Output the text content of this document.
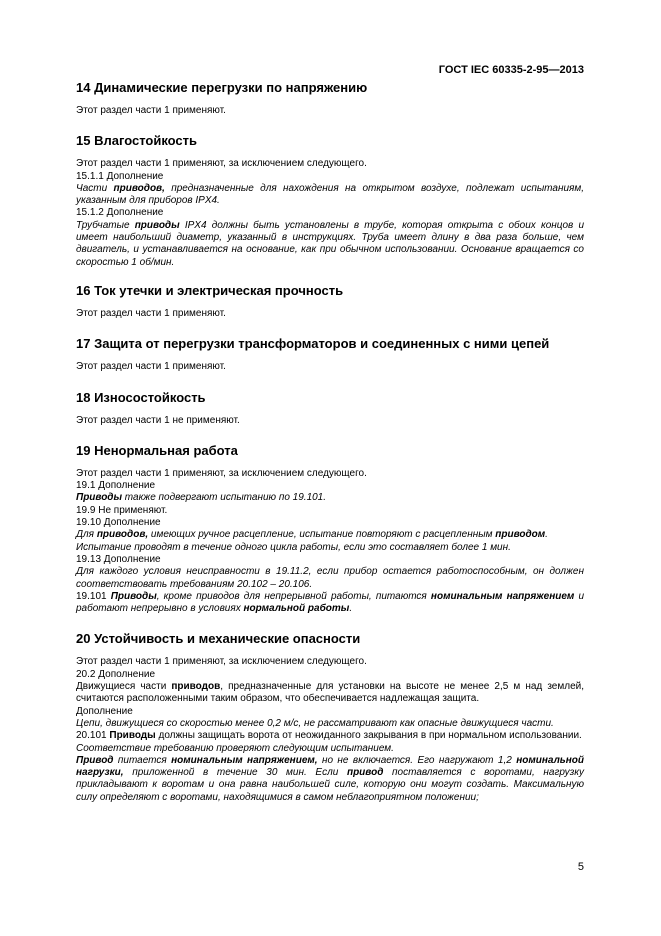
ГОСТ IEC 60335-2-95—2013
14 Динамические перегрузки по напряжению

Этот раздел части 1 применяют.

15 Влагостойкость

Этот раздел части 1 применяют, за исключением следующего.

15.1.1 Дополнение

Части приводов, предназначенные для нахождения на открытом воздухе, подлежат испытаниям, указанным для приборов IPX4.

15.1.2 Дополнение

Трубчатые приводы IPX4 должны быть установлены в трубе, которая открыта с обоих концов и имеет наибольший диаметр, указанный в инструкциях. Труба имеет длину в два раза больше, чем двигатель, и устанавливается на основание, как при обычном использовании. Основание вращается со скоростью 1 об/мин.

16 Ток утечки и электрическая прочность

Этот раздел части 1 применяют.

17 Защита от перегрузки трансформаторов и соединенных с ними цепей

Этот раздел части 1 применяют.

18 Износостойкость

Этот раздел части 1 не применяют.

19 Ненормальная работа

Этот раздел части 1 применяют, за исключением следующего.

19.1 Дополнение

Приводы также подвергают испытанию по 19.101.

19.9 Не применяют.

19.10 Дополнение

Для приводов, имеющих ручное расцепление, испытание повторяют с расцепленным приводом.

Испытание проводят в течение одного цикла работы, если это составляет более 1 мин.

19.13 Дополнение

Для каждого условия неисправности в 19.11.2, если прибор остается работоспособным, он должен соответствовать требованиям 20.102 – 20.106.

19.101 Приводы, кроме приводов для непрерывной работы, питаются номинальным напряжением и работают непрерывно в условиях нормальной работы.

20 Устойчивость и механические опасности

Этот раздел части 1 применяют, за исключением следующего.

20.2 Дополнение

Движущиеся части приводов, предназначенные для установки на высоте не менее 2,5 м над землей, считаются расположенными таким образом, что обеспечивается надлежащая защита.

Дополнение

Цепи, движущиеся со скоростью менее 0,2 м/с, не рассматривают как опасные движущиеся части.

20.101 Приводы должны защищать ворота от неожиданного закрывания в при нормальном использовании.

Соответствие требованию проверяют следующим испытанием.

Привод питается номинальным напряжением, но не включается. Его нагружают 1,2 номинальной нагрузки, приложенной в течение 30 мин. Если привод поставляется с воротами, нагрузку прикладывают к воротам и она равна наибольшей силе, которую они могут создать. Максимальную силу определяют с воротами, находящимися в самом неблагоприятном положении;

5
